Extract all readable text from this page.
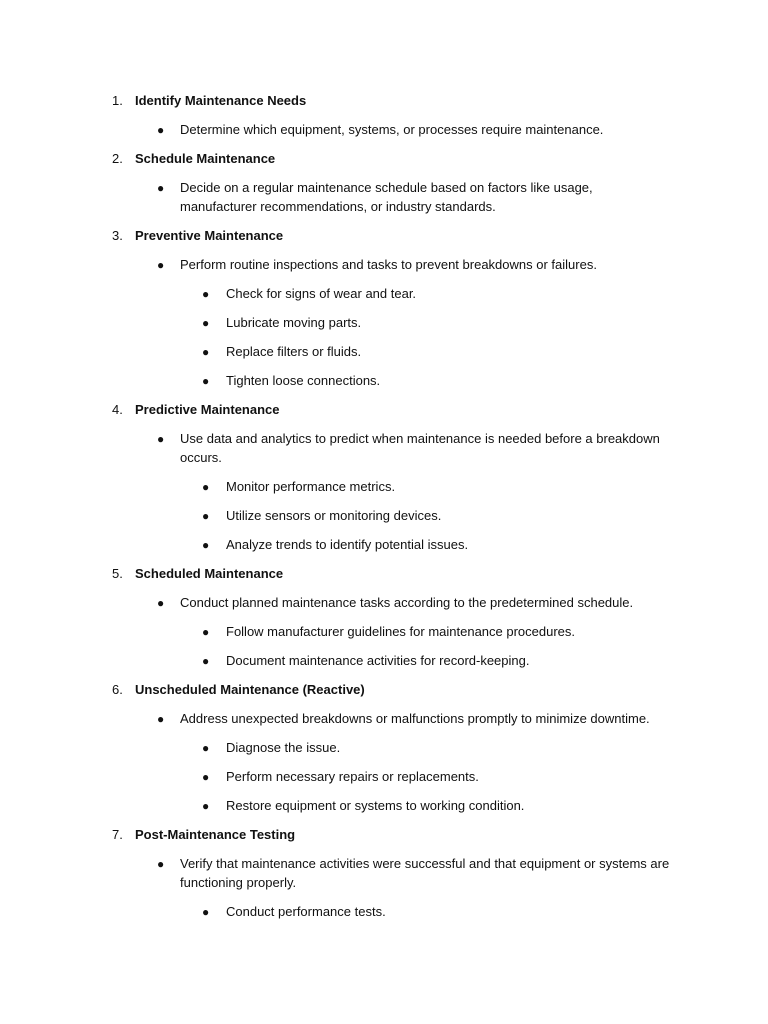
1. Identify Maintenance Needs
● Determine which equipment, systems, or processes require maintenance.
2. Schedule Maintenance
● Decide on a regular maintenance schedule based on factors like usage, manufacturer recommendations, or industry standards.
3. Preventive Maintenance
● Perform routine inspections and tasks to prevent breakdowns or failures.
● Check for signs of wear and tear.
● Lubricate moving parts.
● Replace filters or fluids.
● Tighten loose connections.
4. Predictive Maintenance
● Use data and analytics to predict when maintenance is needed before a breakdown occurs.
● Monitor performance metrics.
● Utilize sensors or monitoring devices.
● Analyze trends to identify potential issues.
5. Scheduled Maintenance
● Conduct planned maintenance tasks according to the predetermined schedule.
● Follow manufacturer guidelines for maintenance procedures.
● Document maintenance activities for record-keeping.
6. Unscheduled Maintenance (Reactive)
● Address unexpected breakdowns or malfunctions promptly to minimize downtime.
● Diagnose the issue.
● Perform necessary repairs or replacements.
● Restore equipment or systems to working condition.
7. Post-Maintenance Testing
● Verify that maintenance activities were successful and that equipment or systems are functioning properly.
● Conduct performance tests.
